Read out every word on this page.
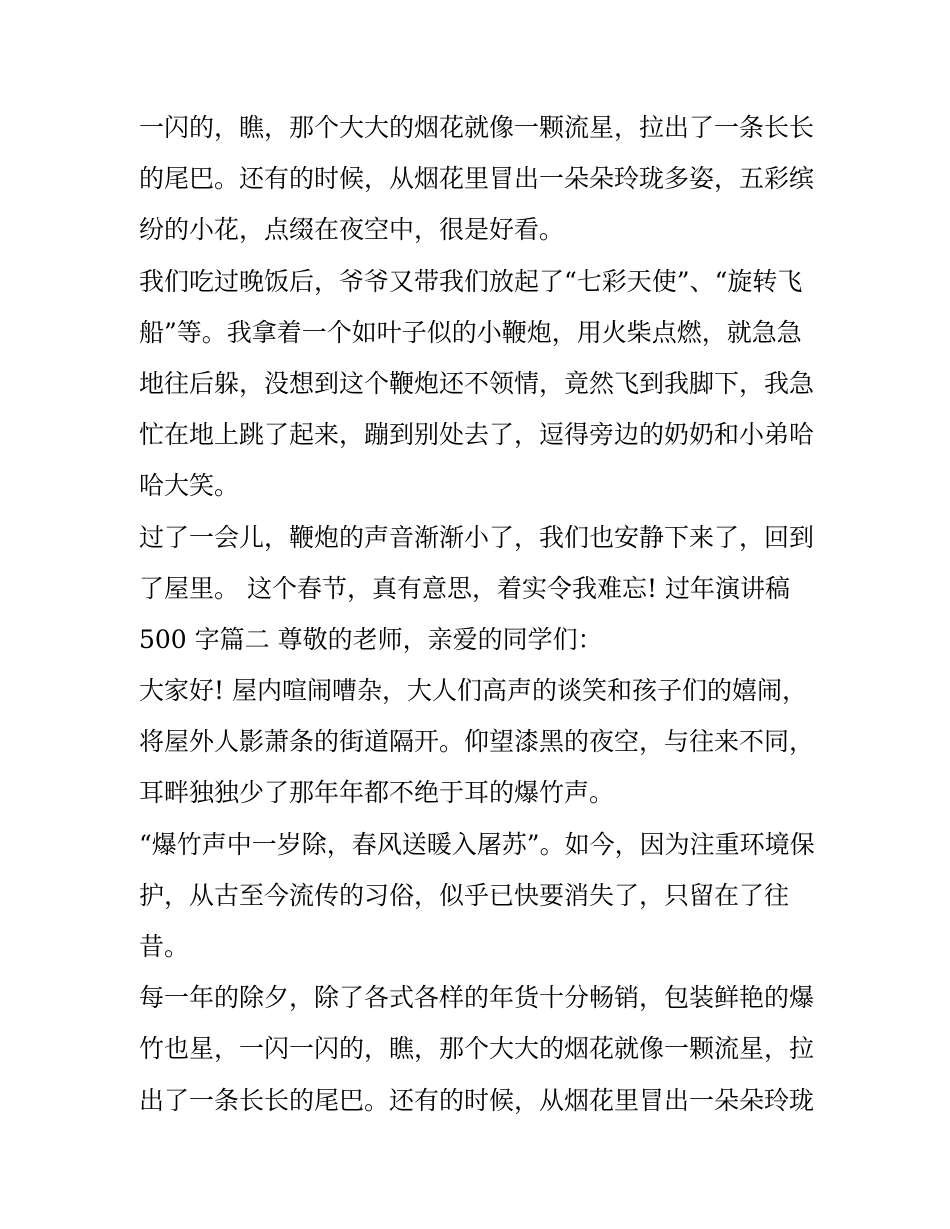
一闪的，瞧，那个大大的烟花就像一颗流星，拉出了一条长长
的尾巴。还有的时候，从烟花里冒出一朵朵玲珑多姿，五彩缤
纷的小花，点缀在夜空中，很是好看。
我们吃过晚饭后，爷爷又带我们放起了“七彩天使”、“旋转飞
船”等。我拿着一个如叶子似的小鞭炮，用火柴点燃，就急急
地往后躲，没想到这个鞭炮还不领情，竟然飞到我脚下，我急
忙在地上跳了起来，蹦到别处去了，逗得旁边的奶奶和小弟哈
哈大笑。
过了一会儿，鞭炮的声音渐渐小了，我们也安静下来了，回到
了屋里。 这个春节，真有意思，着实令我难忘! 过年演讲稿
500 字篇二 尊敬的老师，亲爱的同学们：
大家好! 屋内喧闹嘈杂，大人们高声的谈笑和孩子们的嬉闹，
将屋外人影萧条的街道隔开。仰望漆黑的夜空，与往来不同，
耳畔独独少了那年年都不绝于耳的爆竹声。
“爆竹声中一岁除，春风送暖入屠苏”。如今，因为注重环境保
护，从古至今流传的习俗，似乎已快要消失了，只留在了往
昔。
每一年的除夕，除了各式各样的年货十分畅销，包装鲜艳的爆
竹也星，一闪一闪的，瞧，那个大大的烟花就像一颗流星，拉
出了一条长长的尾巴。还有的时候，从烟花里冒出一朵朵玲珑
